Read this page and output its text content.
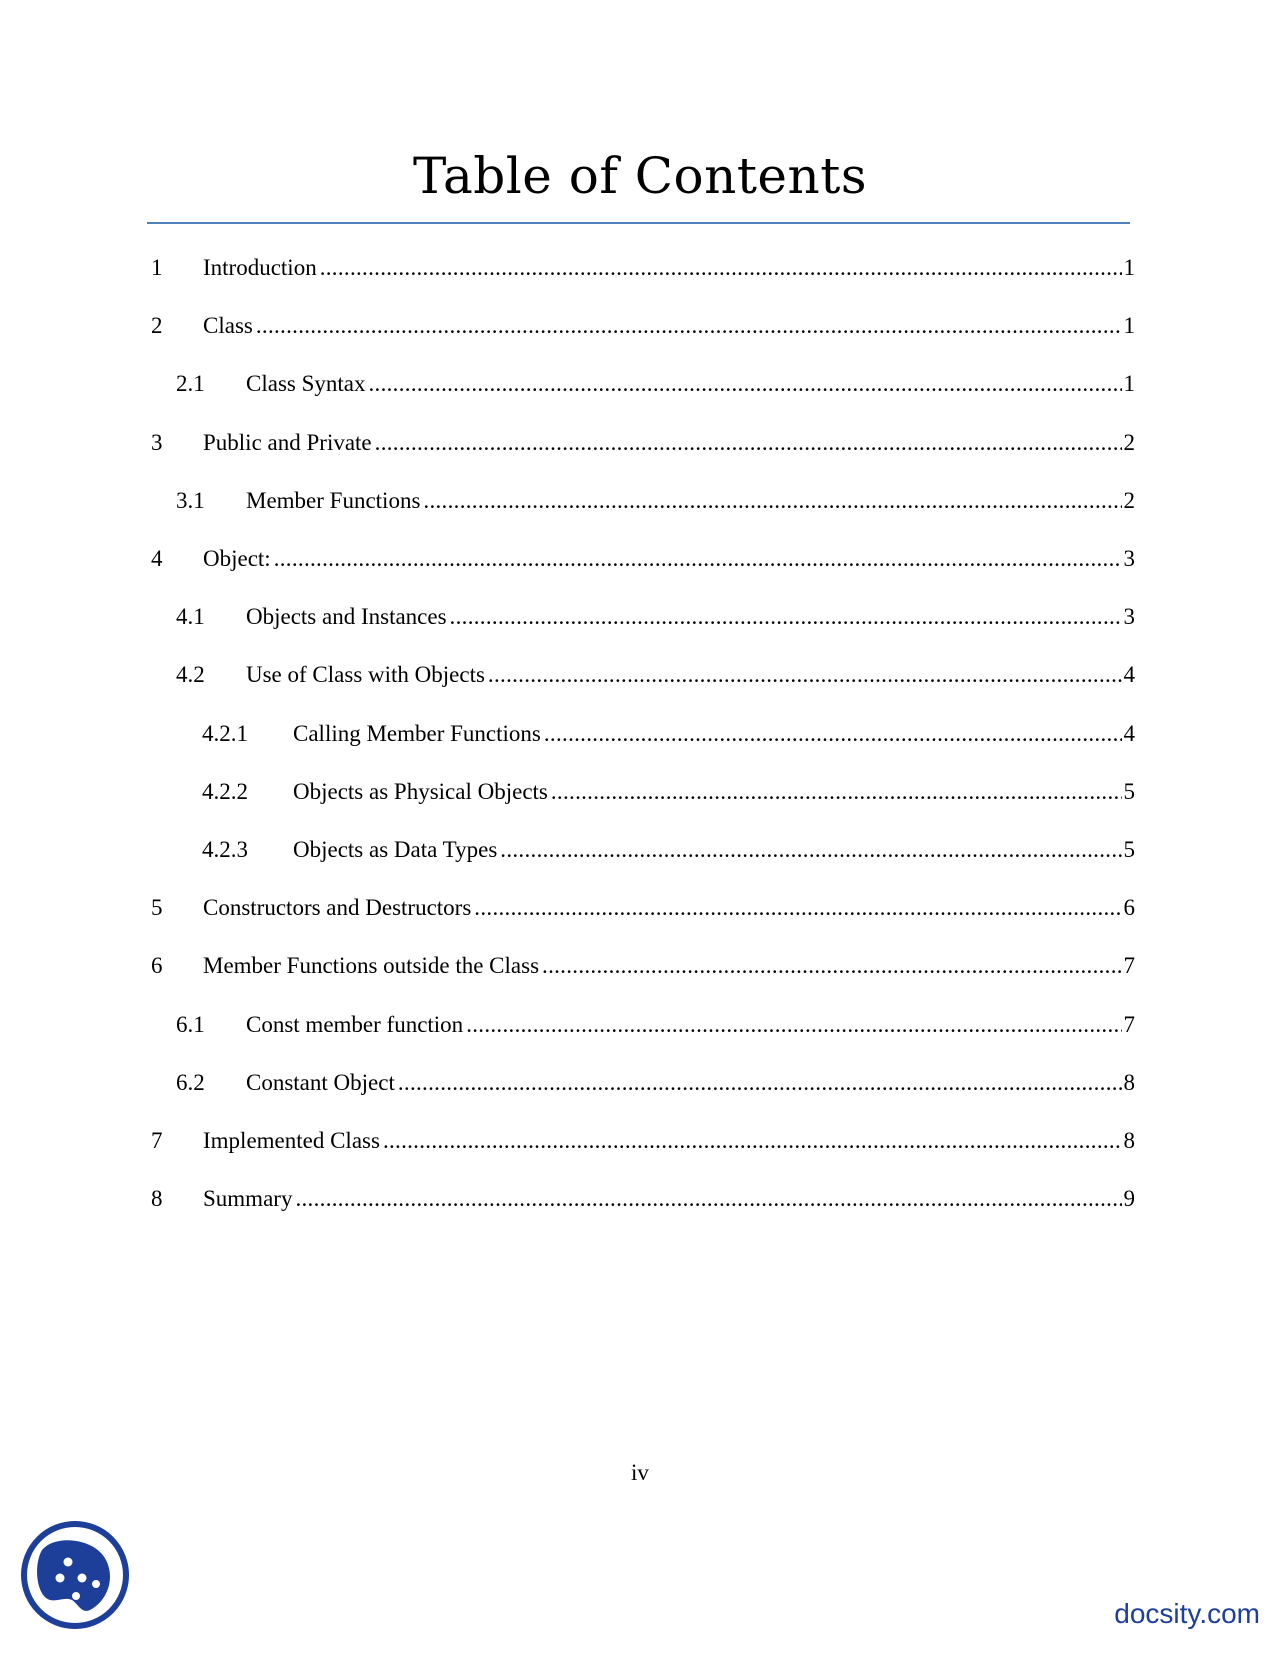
Table of Contents
1	Introduction .....	1
2	Class .....	1
2.1	Class Syntax .....	1
3	Public and Private .....	2
3.1	Member Functions .....	2
4	Object: .....	3
4.1	Objects and Instances .....	3
4.2	Use of Class with Objects .....	4
4.2.1	Calling Member Functions .....	4
4.2.2	Objects as Physical Objects .....	5
4.2.3	Objects as Data Types .....	5
5	Constructors and Destructors .....	6
6	Member Functions outside the Class .....	7
6.1	Const member function .....	7
6.2	Constant Object .....	8
7	Implemented Class .....	8
8	Summary .....	9
iv
docsity.com
